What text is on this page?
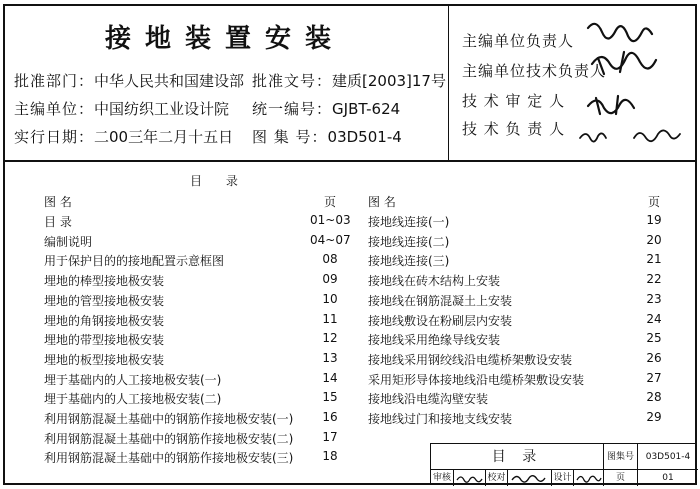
接地装置安装
批准部门：中华人民共和国建设部 批准文号：建质[2003]17号
主编单位：中国纺织工业设计院 统一编号：GJBT-624
实行日期：二00三年二月十五日 图 集 号：03D501-4
主编单位负责人
主编单位技术负责人
技 术 审 定 人
技 术 负 责 人
目 录
图 名	页	图 名	页
目 录	01~03
编制说明	04~07
用于保护目的的接地配置示意框图	08
埋地的棒型接地极安装	09
埋地的管型接地极安装	10
埋地的角钢接地极安装	11
埋地的带型接地极安装	12
埋地的板型接地极安装	13
埋于基础内的人工接地极安装(一)	14
埋于基础内的人工接地极安装(二)	15
利用钢筋混凝土基础中的钢筋作接地极安装(一)	16
利用钢筋混凝土基础中的钢筋作接地极安装(二)	17
利用钢筋混凝土基础中的钢筋作接地极安装(三)	18
接地线连接(一)	19
接地线连接(二)	20
接地线连接(三)	21
接地线在砖木结构上安装	22
接地线在钢筋混凝土上安装	23
接地线敷设在粉刷层内安装	24
接地线采用绝缘导线安装	25
接地线采用钢绞线沿电缆桥架敷设安装	26
采用矩形导体接地线沿电缆桥架敷设安装	27
接地线沿电缆沟壁安装	28
接地线过门和接地支线安装	29
目 录	图集号	03D501-4
审核	校对	设计	页	01
